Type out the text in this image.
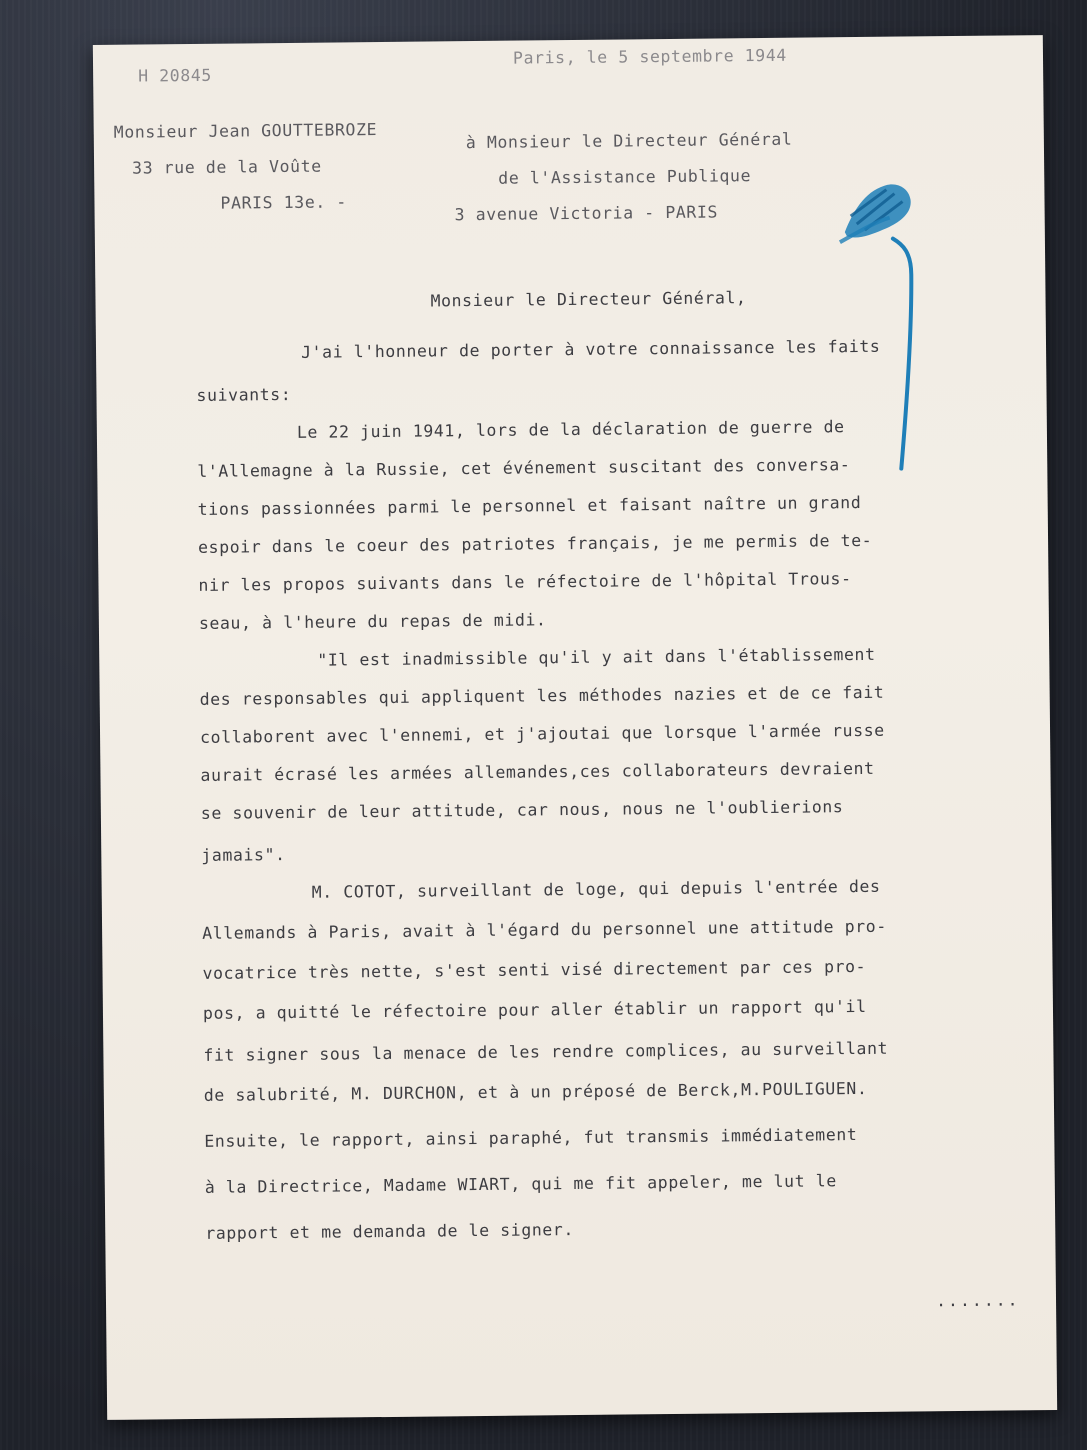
H 20845
Paris, le 5 septembre 1944
Monsieur Jean GOUTTEBROZE
33 rue de la Voûte
PARIS 13e. -
à Monsieur le Directeur Général
de l'Assistance Publique
3 avenue Victoria - PARIS
Monsieur le Directeur Général,
J'ai l'honneur de porter à votre connaissance les faits
suivants:
Le 22 juin 1941, lors de la déclaration de guerre de
l'Allemagne à la Russie, cet événement suscitant des conversa-
tions passionnées parmi le personnel et faisant naître un grand
espoir dans le coeur des patriotes français, je me permis de te-
nir les propos suivants dans le réfectoire de l'hôpital Trous-
seau, à l'heure du repas de midi.
"Il est inadmissible qu'il y ait dans l'établissement
des responsables qui appliquent les méthodes nazies et de ce fait
collaborent avec l'ennemi, et j'ajoutai que lorsque l'armée russe
aurait écrasé les armées allemandes,ces collaborateurs devraient
se souvenir de leur attitude, car nous, nous ne l'oublierions
jamais".
M. COTOT, surveillant de loge, qui depuis l'entrée des
Allemands à Paris, avait à l'égard du personnel une attitude pro-
vocatrice très nette, s'est senti visé directement par ces pro-
pos, a quitté le réfectoire pour aller établir un rapport qu'il
fit signer sous la menace de les rendre complices, au surveillant
de salubrité, M. DURCHON, et à un préposé de Berck,M.POULIGUEN.
Ensuite, le rapport, ainsi paraphé, fut transmis immédiatement
à la Directrice, Madame WIART, qui me fit appeler, me lut le
rapport et me demanda de le signer.
.......
